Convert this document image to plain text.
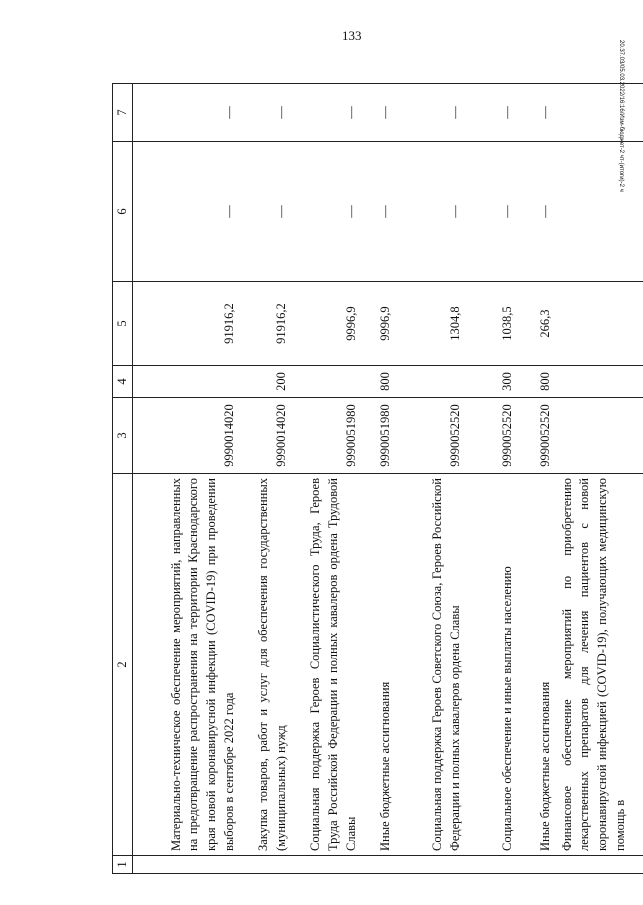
133
20.37.03/05.03.2022/16:16/Изм-бюджет-2 чт-(итоги)-2 ч
1	2	3	4	5	6	7
	Материально-техническое обеспечение мероприятий, направленных на предотвращение распространения на территории Краснодарского края новой коронавирусной инфекции (COVID-19) при проведении выборов в сентябре 2022 года	9990014020		91916,2	—	—
	Закупка товаров, работ и услуг для обеспечения государственных (муниципальных) нужд	9990014020	200	91916,2	—	—
	Социальная поддержка Героев Социалистического Труда, Героев Труда Российской Федерации и полных кавалеров ордена Трудовой Славы	9990051980		9996,9	—	—
	Иные бюджетные ассигнования	9990051980	800	9996,9	—	—
	Социальная поддержка Героев Советского Союза, Героев Российской Федерации и полных кавалеров ордена Славы	9990052520		1304,8	—	—
	Социальное обеспечение и иные выплаты населению	9990052520	300	1038,5	—	—
	Иные бюджетные ассигнования	9990052520	800	266,3	—	—
	Финансовое обеспечение мероприятий по приобретению лекарственных препаратов для лечения пациентов с новой коронавирусной инфекцией (COVID-19), получающих медицинскую помощь в					
